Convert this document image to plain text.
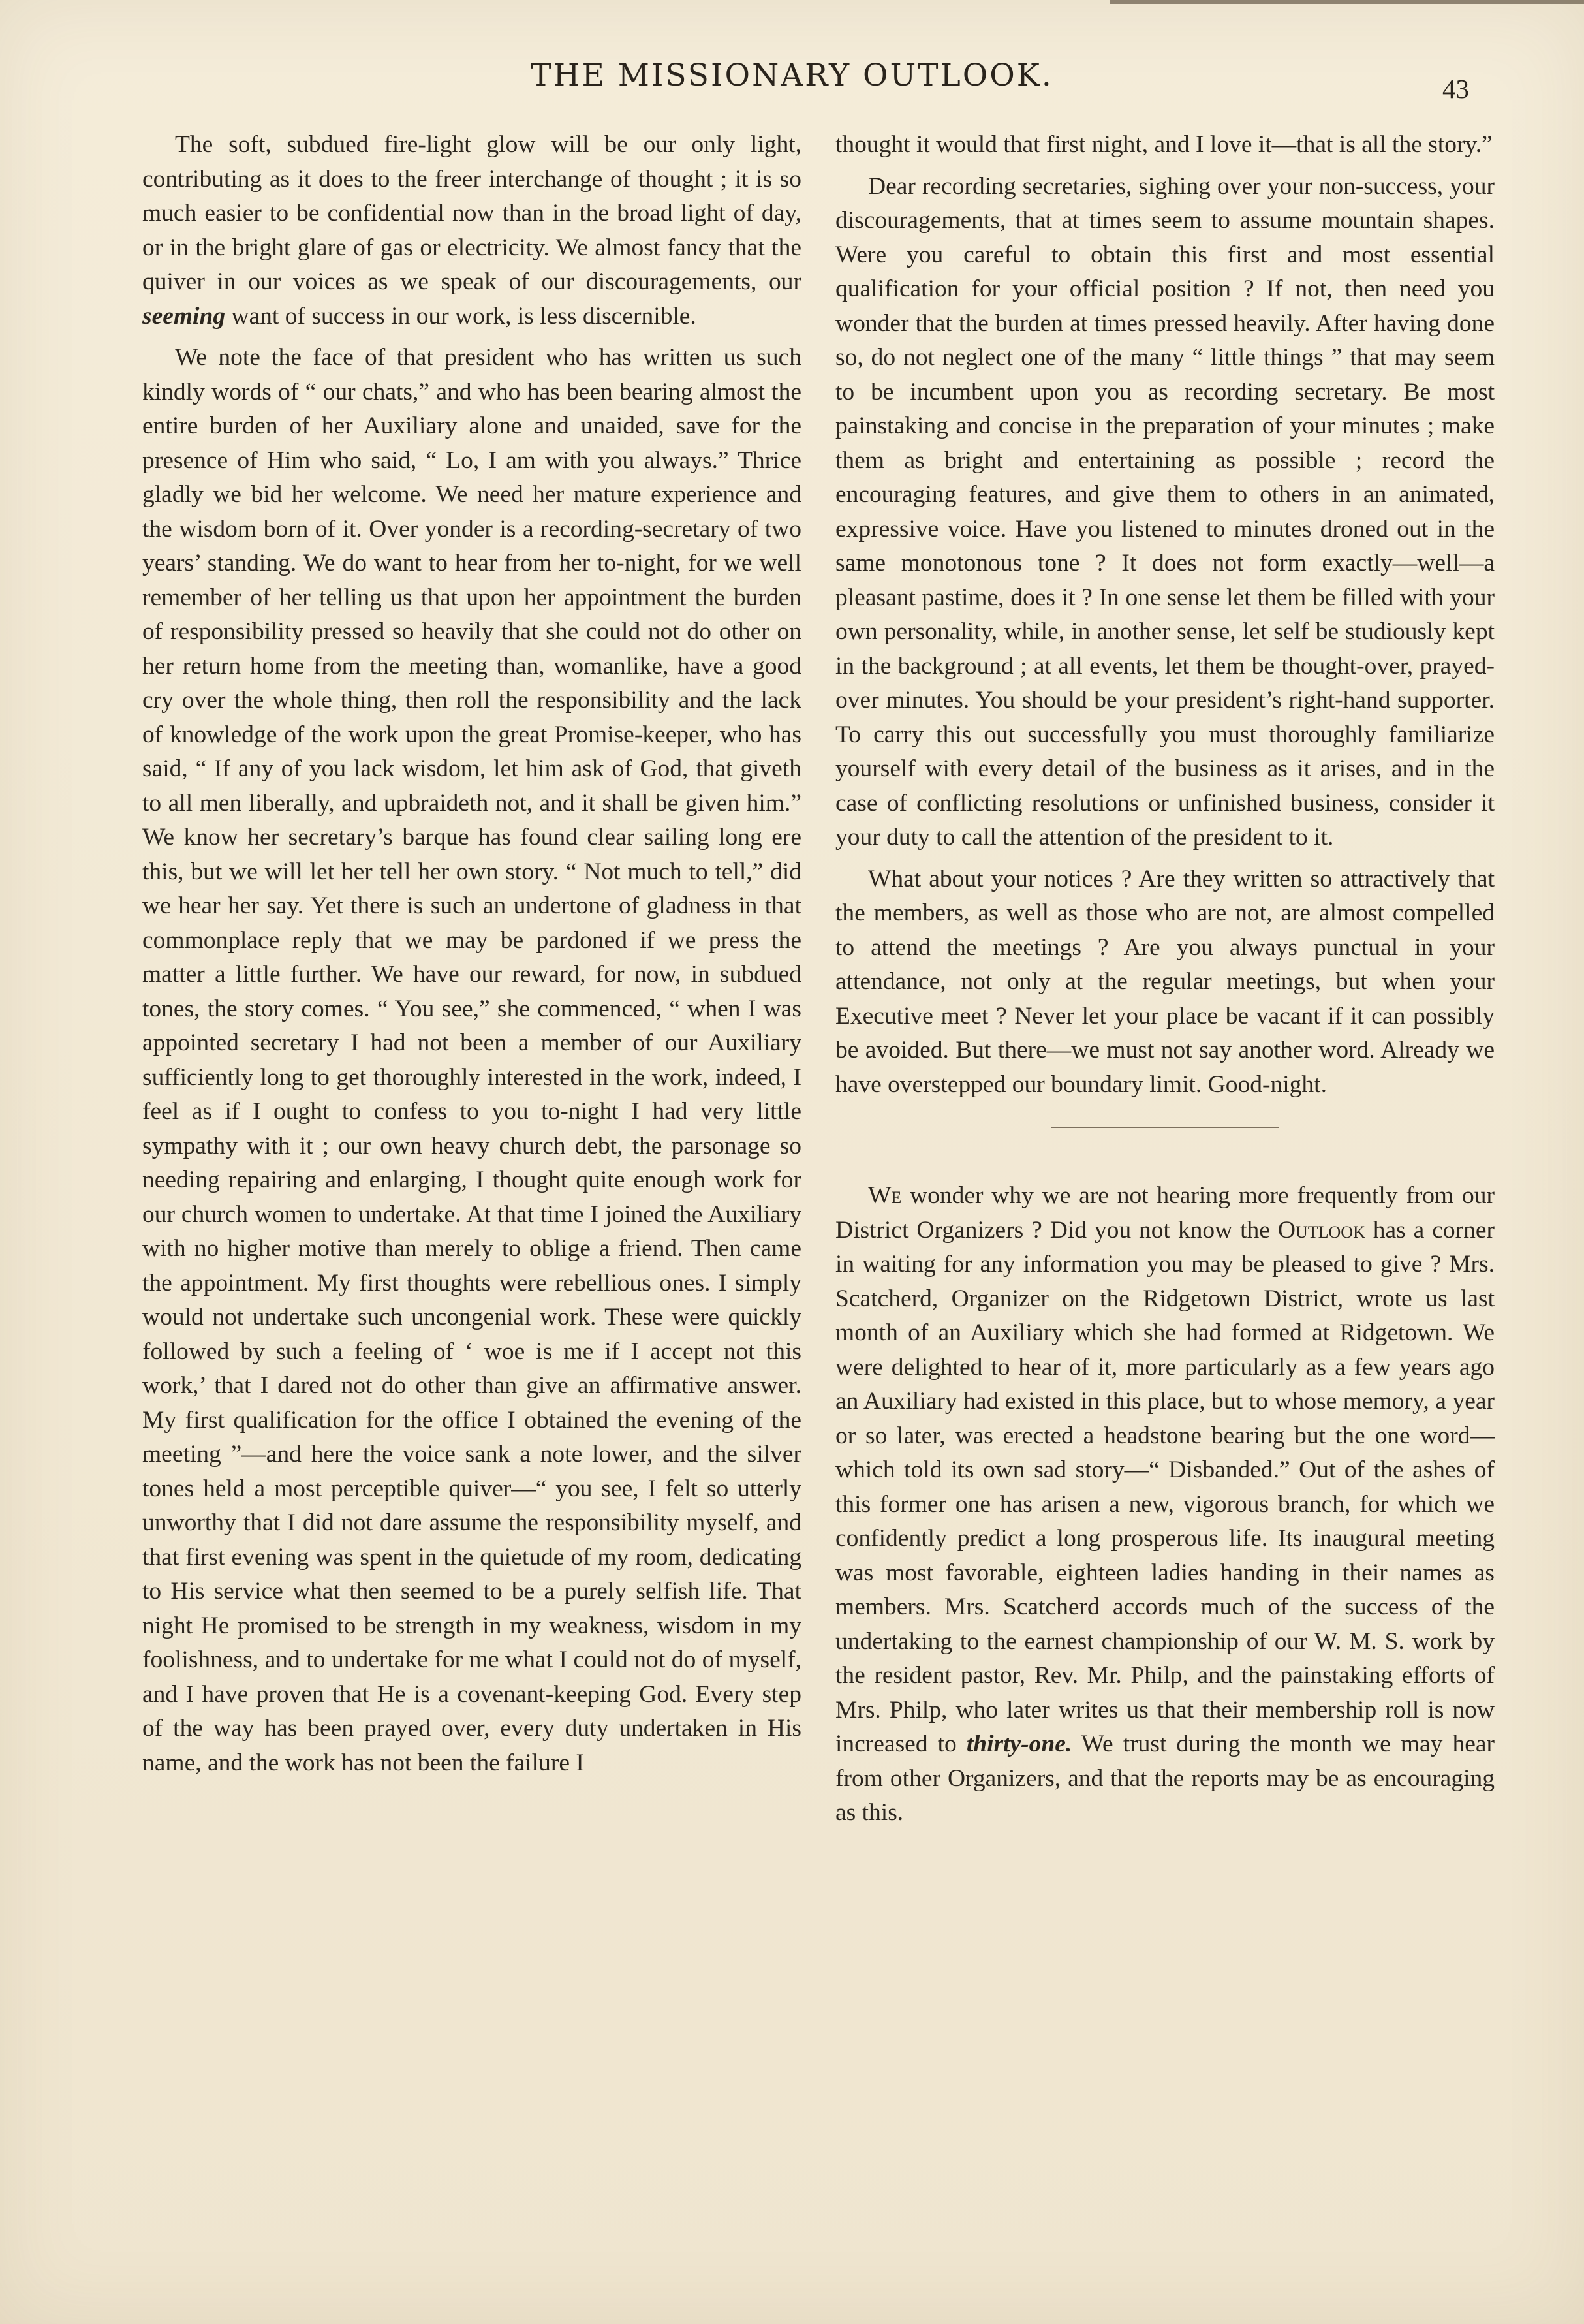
THE MISSIONARY OUTLOOK.	43

The soft, subdued fire-light glow will be our only light, contributing as it does to the freer interchange of thought ; it is so much easier to be confidential now than in the broad light of day, or in the bright glare of gas or electricity. We almost fancy that the quiver in our voices as we speak of our discouragements, our seeming want of success in our work, is less discernible.

We note the face of that president who has written us such kindly words of “ our chats,” and who has been bearing almost the entire burden of her Auxiliary alone and unaided, save for the presence of Him who said, “ Lo, I am with you always.” Thrice gladly we bid her welcome. We need her mature experience and the wisdom born of it. Over yonder is a recording-secretary of two years’ standing. We do want to hear from her to-night, for we well remember of her telling us that upon her appointment the burden of responsibility pressed so heavily that she could not do other on her return home from the meeting than, womanlike, have a good cry over the whole thing, then roll the responsibility and the lack of knowledge of the work upon the great Promise-keeper, who has said, “ If any of you lack wisdom, let him ask of God, that giveth to all men liberally, and upbraideth not, and it shall be given him.” We know her secretary’s barque has found clear sailing long ere this, but we will let her tell her own story. “ Not much to tell,” did we hear her say. Yet there is such an undertone of gladness in that commonplace reply that we may be pardoned if we press the matter a little further. We have our reward, for now, in subdued tones, the story comes. “ You see,” she commenced, “ when I was appointed secretary I had not been a member of our Auxiliary sufficiently long to get thoroughly interested in the work, indeed, I feel as if I ought to confess to you to-night I had very little sympathy with it ; our own heavy church debt, the parsonage so needing repairing and enlarging, I thought quite enough work for our church women to undertake. At that time I joined the Auxiliary with no higher motive than merely to oblige a friend. Then came the appointment. My first thoughts were rebellious ones. I simply would not undertake such uncongenial work. These were quickly followed by such a feeling of ‘ woe is me if I accept not this work,’ that I dared not do other than give an affirmative answer. My first qualification for the office I obtained the evening of the meeting ”—and here the voice sank a note lower, and the silver tones held a most perceptible quiver—“ you see, I felt so utterly unworthy that I did not dare assume the responsibility myself, and that first evening was spent in the quietude of my room, dedicating to His service what then seemed to be a purely selfish life. That night He promised to be strength in my weakness, wisdom in my foolishness, and to undertake for me what I could not do of myself, and I have proven that He is a covenant-keeping God. Every step of the way has been prayed over, every duty undertaken in His name, and the work has not been the failure I

thought it would that first night, and I love it—that is all the story.”

Dear recording secretaries, sighing over your non-success, your discouragements, that at times seem to assume mountain shapes. Were you careful to obtain this first and most essential qualification for your official position ? If not, then need you wonder that the burden at times pressed heavily. After having done so, do not neglect one of the many “ little things ” that may seem to be incumbent upon you as recording secretary. Be most painstaking and concise in the preparation of your minutes ; make them as bright and entertaining as possible ; record the encouraging features, and give them to others in an animated, expressive voice. Have you listened to minutes droned out in the same monotonous tone ? It does not form exactly—well—a pleasant pastime, does it ? In one sense let them be filled with your own personality, while, in another sense, let self be studiously kept in the background ; at all events, let them be thought-over, prayed-over minutes. You should be your president’s right-hand supporter. To carry this out successfully you must thoroughly familiarize yourself with every detail of the business as it arises, and in the case of conflicting resolutions or unfinished business, consider it your duty to call the attention of the president to it.

What about your notices ? Are they written so attractively that the members, as well as those who are not, are almost compelled to attend the meetings ? Are you always punctual in your attendance, not only at the regular meetings, but when your Executive meet ? Never let your place be vacant if it can possibly be avoided. But there—we must not say another word. Already we have overstepped our boundary limit. Good-night.

We wonder why we are not hearing more frequently from our District Organizers ? Did you not know the Outlook has a corner in waiting for any information you may be pleased to give ? Mrs. Scatcherd, Organizer on the Ridgetown District, wrote us last month of an Auxiliary which she had formed at Ridgetown. We were delighted to hear of it, more particularly as a few years ago an Auxiliary had existed in this place, but to whose memory, a year or so later, was erected a headstone bearing but the one word—which told its own sad story—“ Disbanded.” Out of the ashes of this former one has arisen a new, vigorous branch, for which we confidently predict a long prosperous life. Its inaugural meeting was most favorable, eighteen ladies handing in their names as members. Mrs. Scatcherd accords much of the success of the undertaking to the earnest championship of our W. M. S. work by the resident pastor, Rev. Mr. Philp, and the painstaking efforts of Mrs. Philp, who later writes us that their membership roll is now increased to thirty-one. We trust during the month we may hear from other Organizers, and that the reports may be as encouraging as this.
